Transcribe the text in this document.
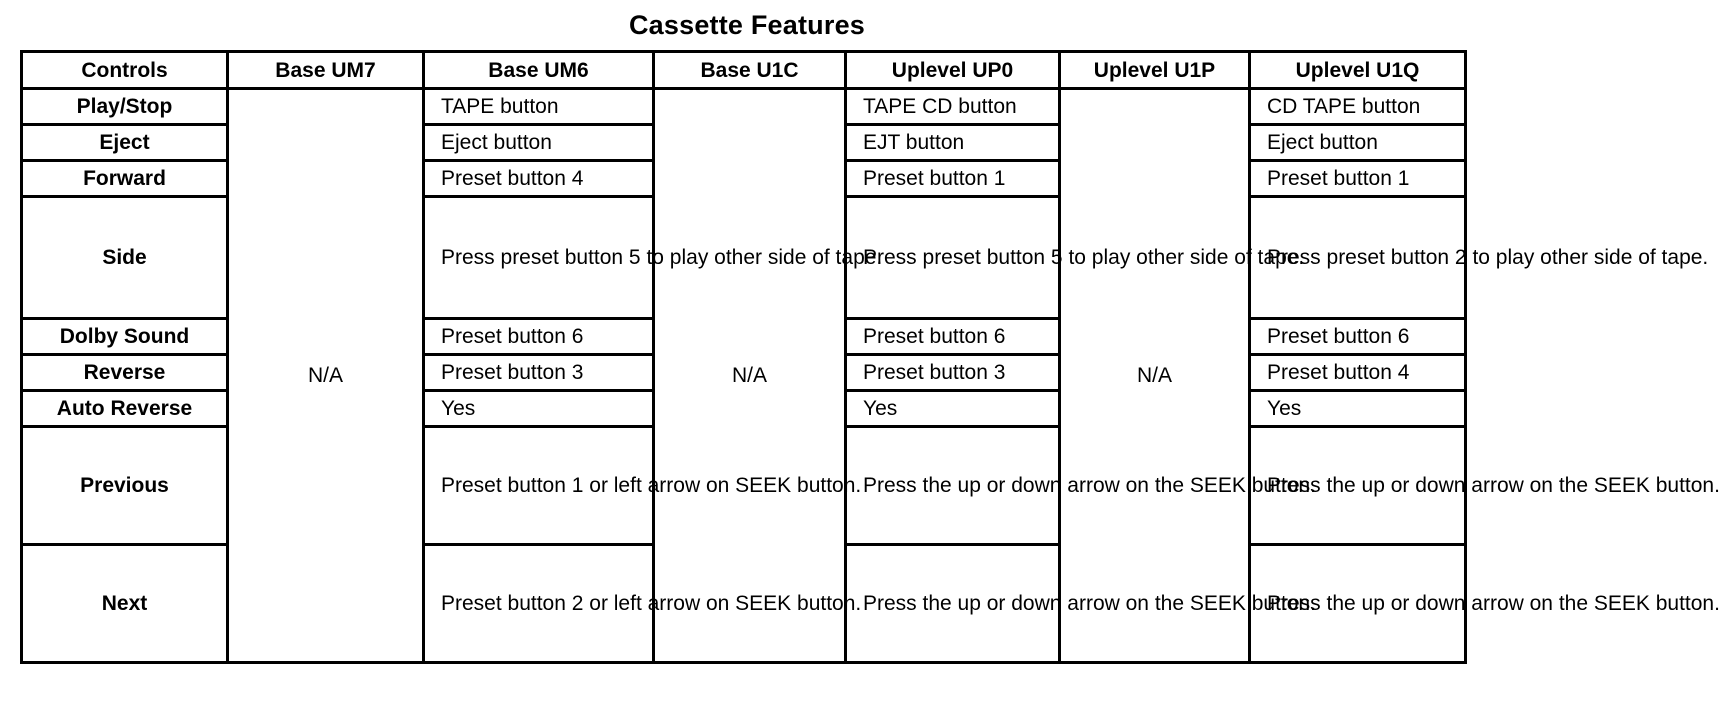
Cassette Features
Controls	Base UM7	Base UM6	Base U1C	Uplevel UP0	Uplevel U1P	Uplevel U1Q
Play/Stop	N/A	TAPE button	N/A	TAPE CD button	N/A	CD TAPE button
Eject		Eject button		EJT button		Eject button
Forward		Preset button 4		Preset button 1		Preset button 1
Side		Press preset button 5 to play other side of tape.		Press preset button 5 to play other side of tape.		Press preset button 2 to play other side of tape.
Dolby Sound		Preset button 6		Preset button 6		Preset button 6
Reverse		Preset button 3		Preset button 3		Preset button 4
Auto Reverse		Yes		Yes		Yes
Previous		Preset button 1 or left arrow on SEEK button.		Press the up or down arrow on the SEEK button.		Press the up or down arrow on the SEEK button.
Next		Preset button 2 or left arrow on SEEK button.		Press the up or down arrow on the SEEK button.		Press the up or down arrow on the SEEK button.
